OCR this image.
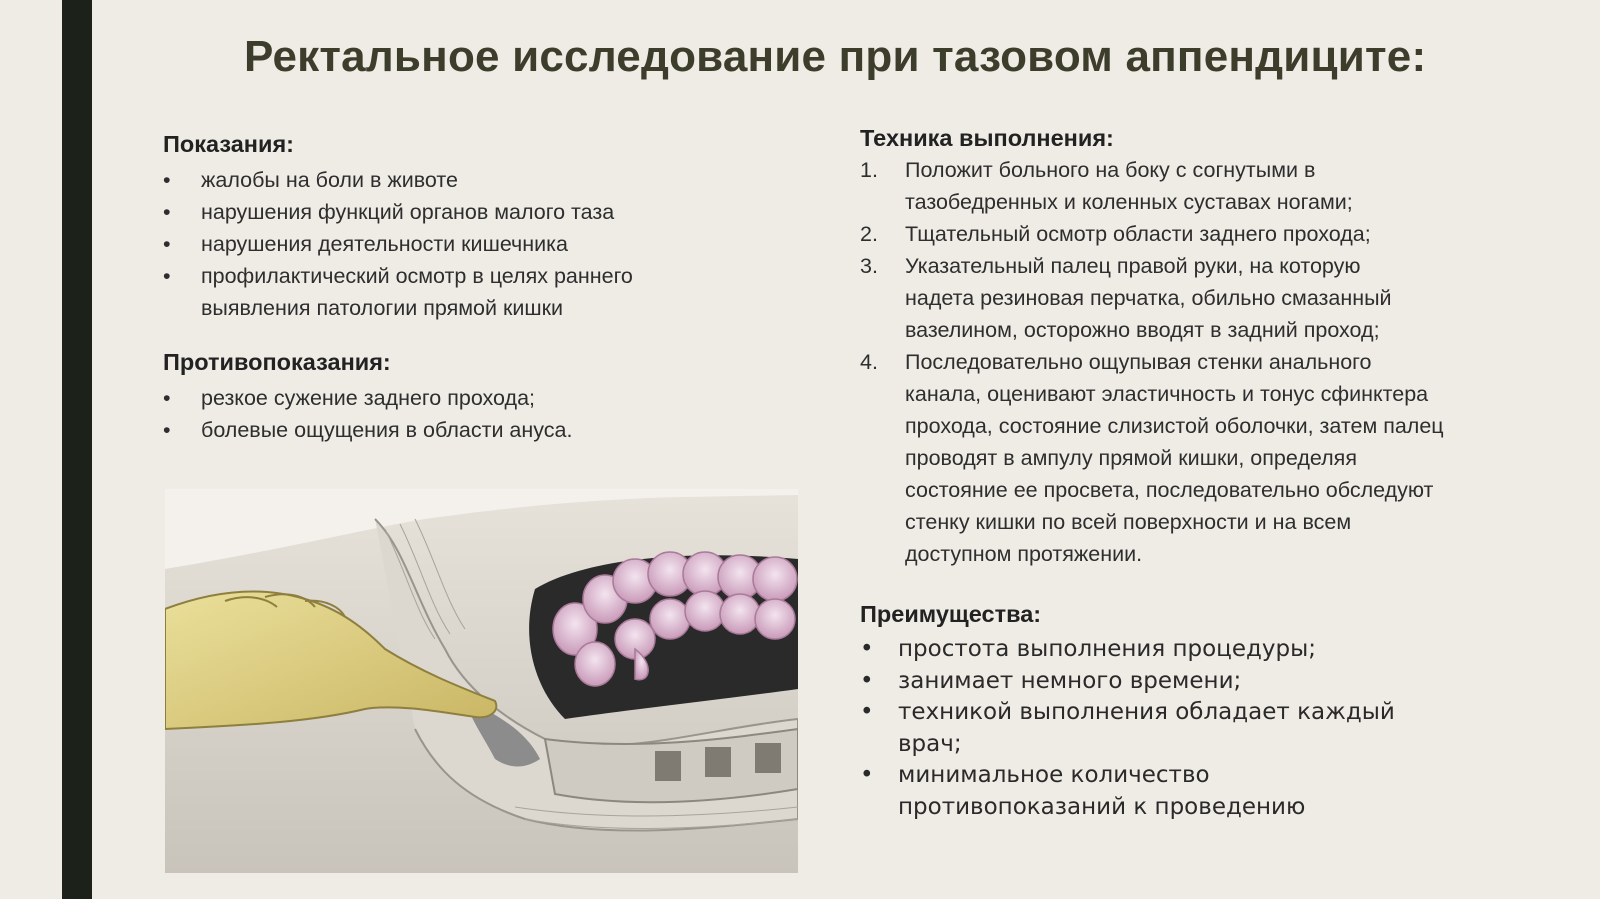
Ректальное исследование при тазовом аппендиците:
Показания:
•	жалобы на боли в животе
•	нарушения функций органов малого таза
•	нарушения деятельности кишечника
•	профилактический осмотр в целях раннего выявления патологии прямой кишки
Противопоказания:
•	резкое сужение заднего прохода;
•	болевые ощущения в области ануса.
Техника выполнения:
1.	Положит больного на боку с согнутыми в тазобедренных и коленных суставах ногами;
2.	Тщательный осмотр области заднего прохода;
3.	Указательный палец правой руки, на которую надета резиновая перчатка, обильно смазанный вазелином, осторожно вводят в задний проход;
4.	Последовательно ощупывая стенки анального канала, оценивают эластичность и тонус сфинктера прохода, состояние слизистой оболочки, затем палец проводят в ампулу прямой кишки, определяя состояние ее просвета, последовательно обследуют стенку кишки по всей поверхности и на всем доступном протяжении.
Преимущества:
• простота выполнения процедуры;
• занимает немного времени;
• техникой выполнения обладает каждый врач;
• минимальное количество противопоказаний к проведению
